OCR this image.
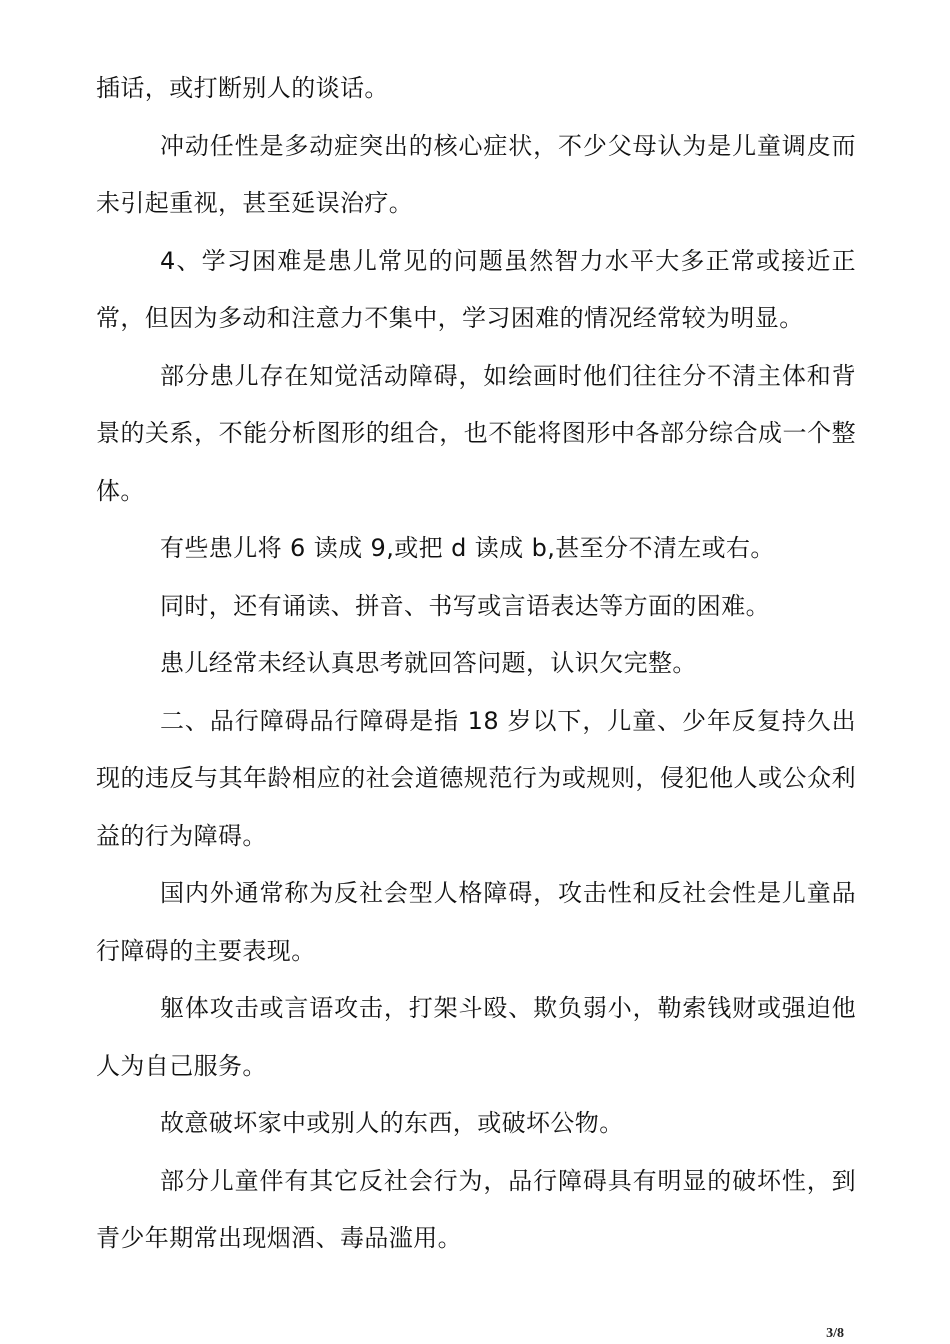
插话，或打断别人的谈话。

冲动任性是多动症突出的核心症状，不少父母认为是儿童调皮而未引起重视，甚至延误治疗。

4、学习困难是患儿常见的问题虽然智力水平大多正常或接近正常，但因为多动和注意力不集中，学习困难的情况经常较为明显。

部分患儿存在知觉活动障碍，如绘画时他们往往分不清主体和背景的关系，不能分析图形的组合，也不能将图形中各部分综合成一个整体。

有些患儿将 6 读成 9,或把 d 读成 b,甚至分不清左或右。

同时，还有诵读、拼音、书写或言语表达等方面的困难。

患儿经常未经认真思考就回答问题，认识欠完整。

二、品行障碍品行障碍是指 18 岁以下，儿童、少年反复持久出现的违反与其年龄相应的社会道德规范行为或规则，侵犯他人或公众利益的行为障碍。

国内外通常称为反社会型人格障碍，攻击性和反社会性是儿童品行障碍的主要表现。

躯体攻击或言语攻击，打架斗殴、欺负弱小，勒索钱财或强迫他人为自己服务。

故意破坏家中或别人的东西，或破坏公物。

部分儿童伴有其它反社会行为，品行障碍具有明显的破坏性，到青少年期常出现烟酒、毒品滥用。

3/8
